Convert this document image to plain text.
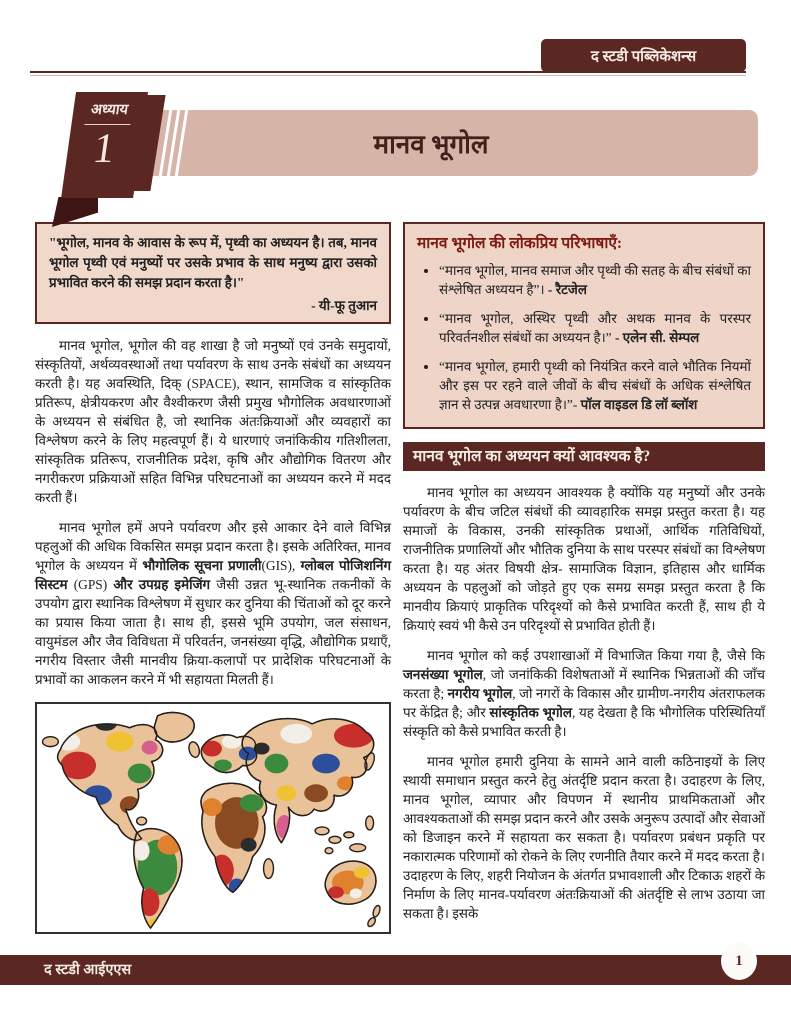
द स्टडी पब्लिकेशन्स
मानव भूगोल
अध्याय
1

"भूगोल, मानव के आवास के रूप में, पृथ्वी का अध्ययन है। तब, मानव भूगोल पृथ्वी एवं मनुष्यों पर उसके प्रभाव के साथ मनुष्य द्वारा उसको प्रभावित करने की समझ प्रदान करता है।"

- यी-फू तुआन

मानव भूगोल, भूगोल की वह शाखा है जो मनुष्यों एवं उनके समुदायों, संस्कृतियों, अर्थव्यवस्थाओं तथा पर्यावरण के साथ उनके संबंधों का अध्ययन करती है। यह अवस्थिति, दिक् (SPACE), स्थान, सामजिक व सांस्कृतिक प्रतिरूप, क्षेत्रीयकरण और वैश्वीकरण जैसी प्रमुख भौगोलिक अवधारणाओं के अध्ययन से संबंधित है, जो स्थानिक अंतःक्रियाओं और व्यवहारों का विश्लेषण करने के लिए महत्वपूर्ण हैं। ये धारणाएं जनांकिकीय गतिशीलता, सांस्कृतिक प्रतिरूप, राजनीतिक प्रदेश, कृषि और औद्योगिक वितरण और नगरीकरण प्रक्रियाओं सहित विभिन्न परिघटनाओं का अध्ययन करने में मदद करती हैं।

मानव भूगोल हमें अपने पर्यावरण और इसे आकार देने वाले विभिन्न पहलुओं की अधिक विकसित समझ प्रदान करता है। इसके अतिरिक्त, मानव भूगोल के अध्ययन में भौगोलिक सूचना प्रणाली(GIS), ग्लोबल पोजिशनिंग सिस्टम (GPS) और उपग्रह इमेजिंग जैसी उन्नत भू-स्थानिक तकनीकों के उपयोग द्वारा स्थानिक विश्लेषण में सुधार कर दुनिया की चिंताओं को दूर करने का प्रयास किया जाता है। साथ ही, इससे भूमि उपयोग, जल संसाधन, वायुमंडल और जैव विविधता में परिवर्तन, जनसंख्या वृद्धि, औद्योगिक प्रथाएँ, नगरीय विस्तार जैसी मानवीय क्रिया-कलापों पर प्रादेशिक परिघटनाओं के प्रभावों का आकलन करने में भी सहायता मिलती हैं।

मानव भूगोल की लोकप्रिय परिभाषाएँ:
• “मानव भूगोल, मानव समाज और पृथ्वी की सतह के बीच संबंधों का संश्लेषित अध्ययन है”। - रैटजेल
• “मानव भूगोल, अस्थिर पृथ्वी और अथक मानव के परस्पर परिवर्तनशील संबंधों का अध्ययन है।” - एलेन सी. सेम्पल
• “मानव भूगोल, हमारी पृथ्वी को नियंत्रित करने वाले भौतिक नियमों और इस पर रहने वाले जीवों के बीच संबंधों के अधिक संश्लेषित ज्ञान से उत्पन्न अवधारणा है।”- पॉल वाइडल डि लॉ ब्लॉश
मानव भूगोल का अध्ययन क्यों आवश्यक है?

मानव भूगोल का अध्ययन आवश्यक है क्योंकि यह मनुष्यों और उनके पर्यावरण के बीच जटिल संबंधों की व्यावहारिक समझ प्रस्तुत करता है। यह समाजों के विकास, उनकी सांस्कृतिक प्रथाओं, आर्थिक गतिविधियों, राजनीतिक प्रणालियों और भौतिक दुनिया के साथ परस्पर संबंधों का विश्लेषण करता है। यह अंतर विषयी क्षेत्र- सामाजिक विज्ञान, इतिहास और धार्मिक अध्ययन के पहलुओं को जोड़ते हुए एक समग्र समझ प्रस्तुत करता है कि मानवीय क्रियाएं प्राकृतिक परिदृश्यों को कैसे प्रभावित करती हैं, साथ ही ये क्रियाएं स्वयं भी कैसे उन परिदृश्यों से प्रभावित होती हैं।

मानव भूगोल को कई उपशाखाओं में विभाजित किया गया है, जैसे कि जनसंख्या भूगोल, जो जनांकिकी विशेषताओं में स्थानिक भिन्नताओं की जाँच करता है; नगरीय भूगोल, जो नगरों के विकास और ग्रामीण-नगरीय अंतराफलक पर केंद्रित है; और सांस्कृतिक भूगोल, यह देखता है कि भौगोलिक परिस्थितियाँ संस्कृति को कैसे प्रभावित करती है।

मानव भूगोल हमारी दुनिया के सामने आने वाली कठिनाइयों के लिए स्थायी समाधान प्रस्तुत करने हेतु अंतर्दृष्टि प्रदान करता है। उदाहरण के लिए, मानव भूगोल, व्यापार और विपणन में स्थानीय प्राथमिकताओं और आवश्यकताओं की समझ प्रदान करने और उसके अनुरूप उत्पादों और सेवाओं को डिजाइन करने में सहायता कर सकता है। पर्यावरण प्रबंधन प्रकृति पर नकारात्मक परिणामों को रोकने के लिए रणनीति तैयार करने में मदद करता है। उदाहरण के लिए, शहरी नियोजन के अंतर्गत प्रभावशाली और टिकाऊ शहरों के निर्माण के लिए मानव-पर्यावरण अंतःक्रियाओं की अंतर्दृष्टि से लाभ उठाया जा सकता है। इसके

द स्टडी आईएएस
1
